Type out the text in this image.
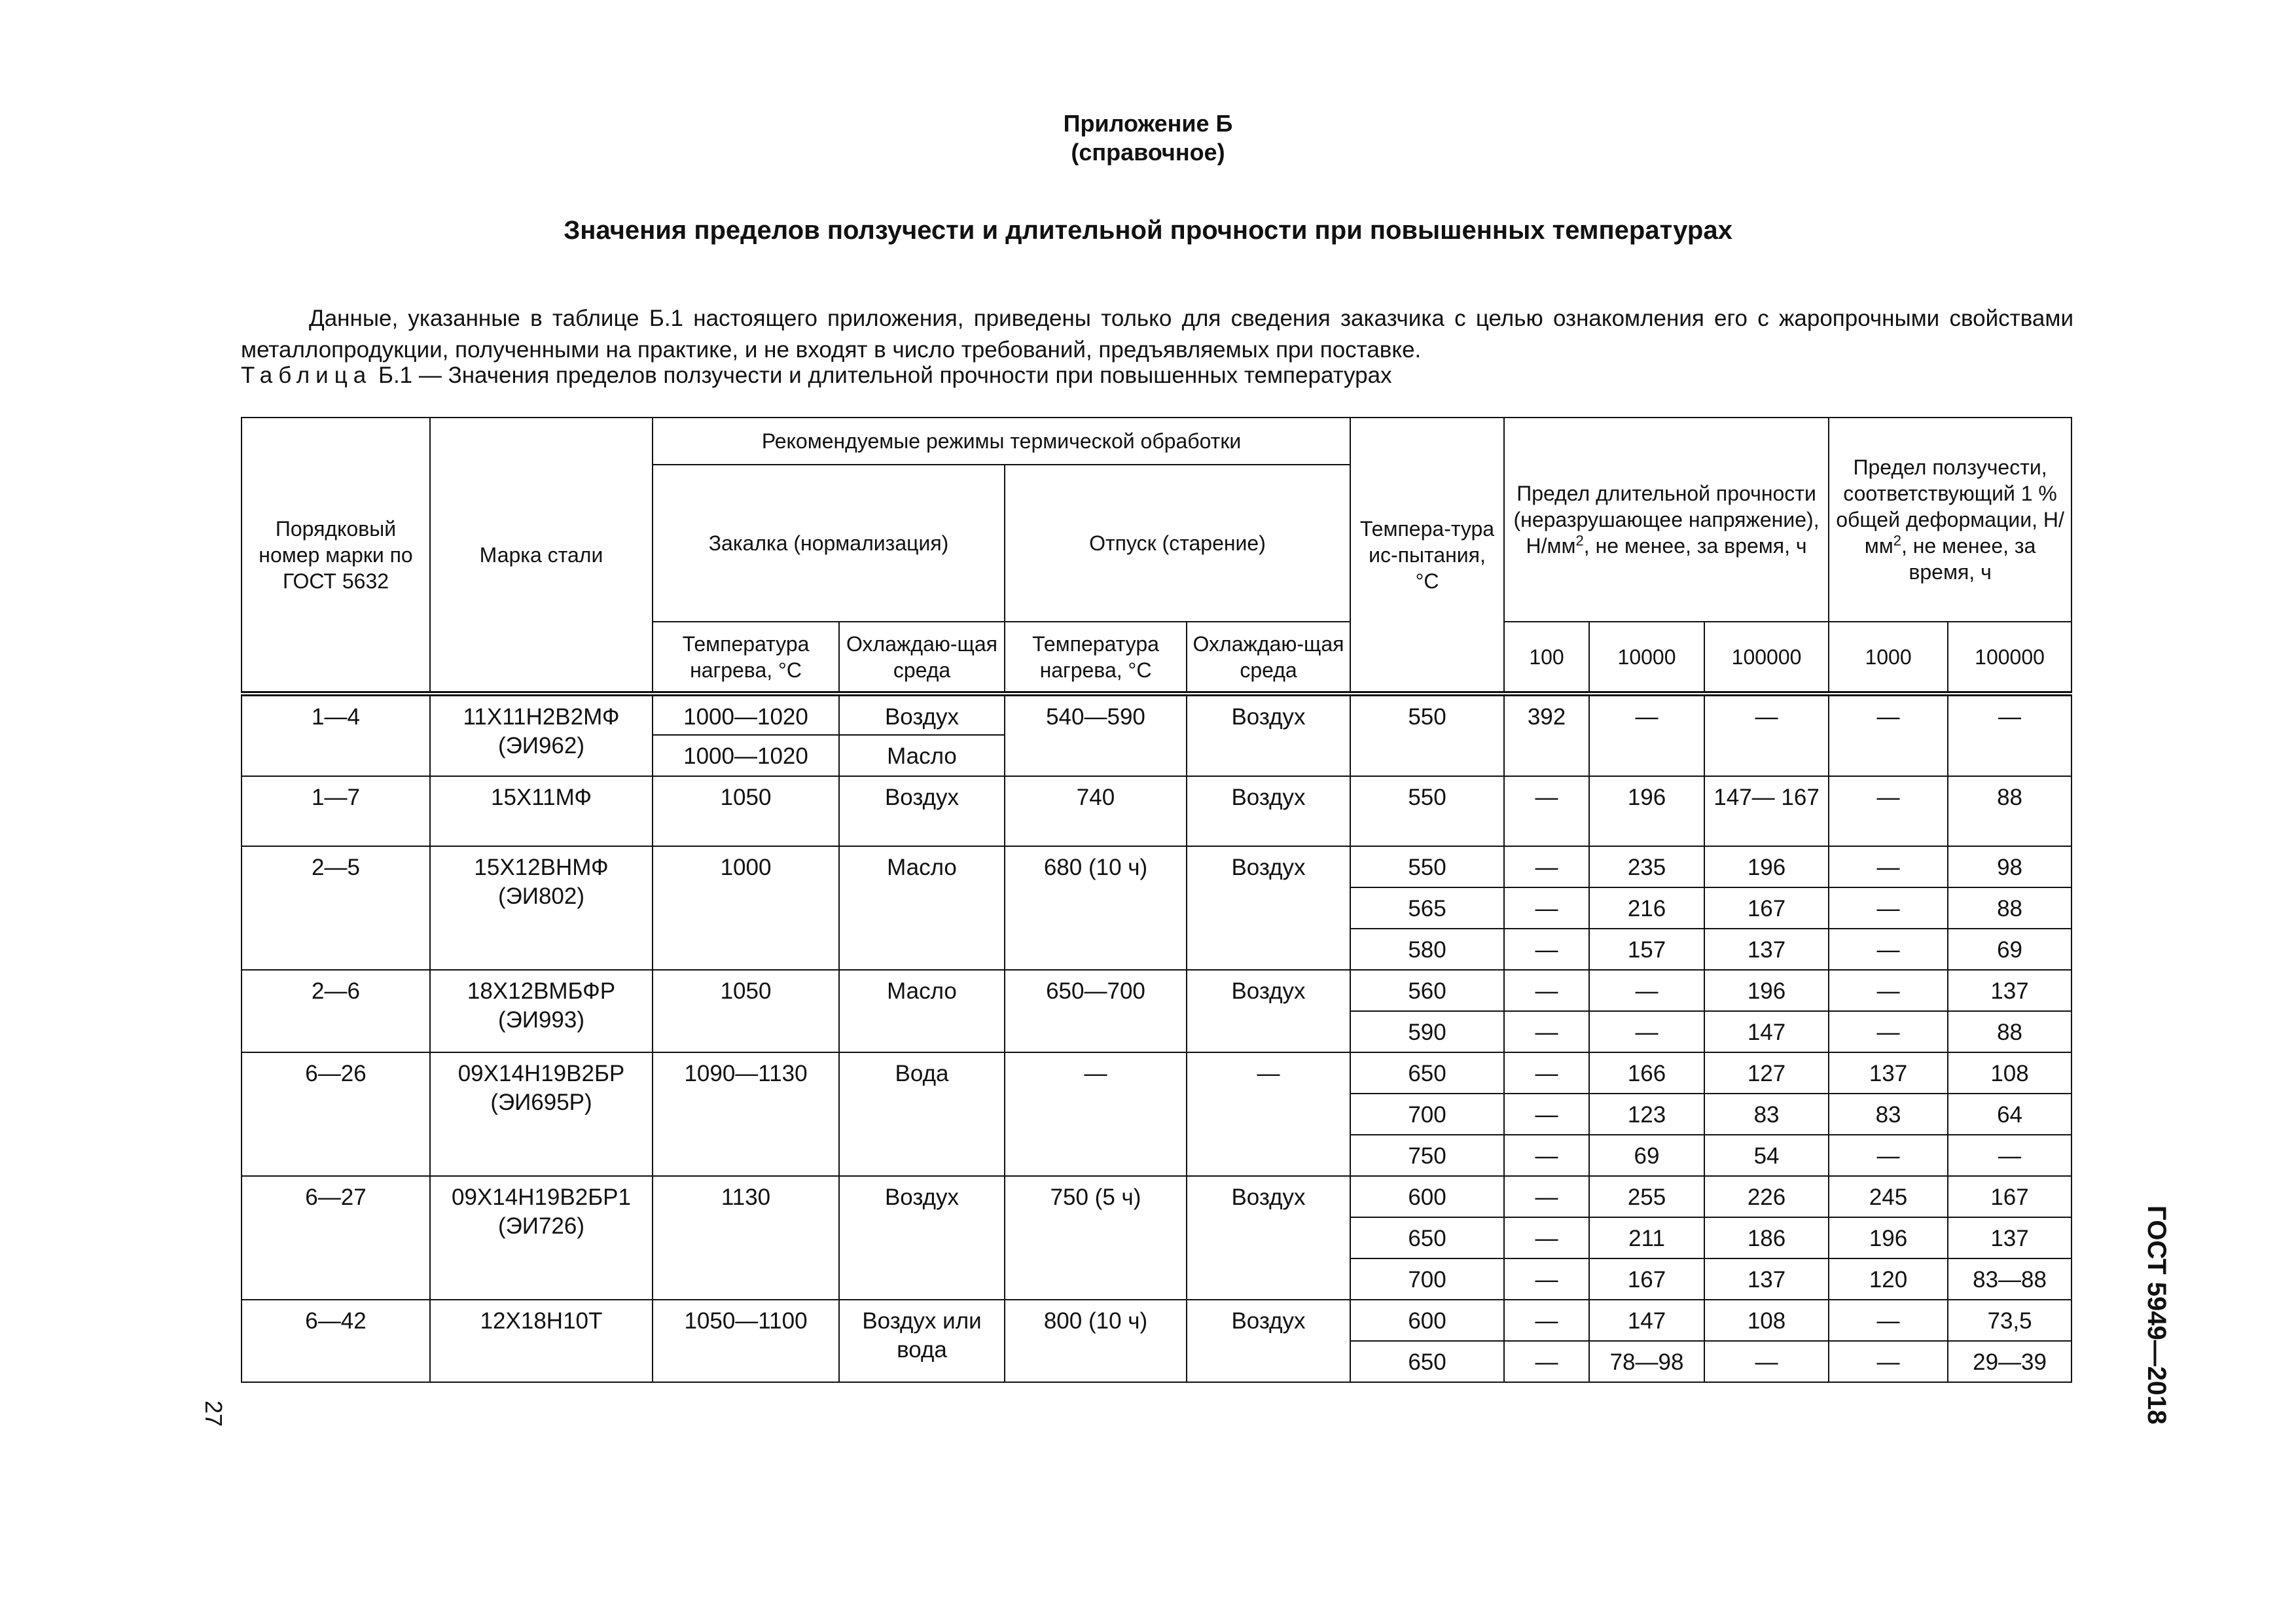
Приложение Б
(справочное)
Значения пределов ползучести и длительной прочности при повышенных температурах

Данные, указанные в таблице Б.1 настоящего приложения, приведены только для сведения заказчика с целью ознакомления его с жаропрочными свойствами металлопродукции, полученными на практике, и не входят в число требований, предъявляемых при поставке.

Таблица Б.1 — Значения пределов ползучести и длительной прочности при повышенных температурах
Порядковый номер марки по ГОСТ 5632	Марка стали	Рекомендуемые режимы термической обработки				Темпера-тура ис-пытания, °С	Предел длительной прочности (неразрушающее напряжение), $Н/мм^2$, не менее, за время, ч			Предел ползучести, соответствующий 1 % общей деформации, $Н/мм^2$, не менее, за время, ч	
		Закалка (нормализация)		Отпуск (старение)							
		Температура нагрева, °С	Охлаждаю-щая среда	Температура нагрева, °С	Охлаждаю-щая среда		100	10000	100000	1000	100000
1—4	11Х11Н2В2МФ (ЭИ962)	1000—1020	Воздух	540—590	Воздух	550	392	—	—	—	—
		1000—1020	Масло								
1—7	15Х11МФ	1050	Воздух	740	Воздух	550	—	196	147— 167	—	88
2—5	15Х12ВНМФ (ЭИ802)	1000	Масло	680 (10 ч)	Воздух	550	—	235	196	—	98
						565	—	216	167	—	88
						580	—	157	137	—	69
2—6	18Х12ВМБФР (ЭИ993)	1050	Масло	650—700	Воздух	560	—	—	196	—	137
						590	—	—	147	—	88
6—26	09Х14Н19В2БР (ЭИ695Р)	1090—1130	Вода	—	—	650	—	166	127	137	108
						700	—	123	83	83	64
						750	—	69	54	—	—
6—27	09Х14Н19В2БР1 (ЭИ726)	1130	Воздух	750 (5 ч)	Воздух	600	—	255	226	245	167
						650	—	211	186	196	137
						700	—	167	137	120	83—88
6—42	12Х18Н10Т	1050—1100	Воздух или вода	800 (10 ч)	Воздух	600	—	147	108	—	73,5
						650	—	78—98	—	—	29—39	ГОСТ 5949—2018
27
